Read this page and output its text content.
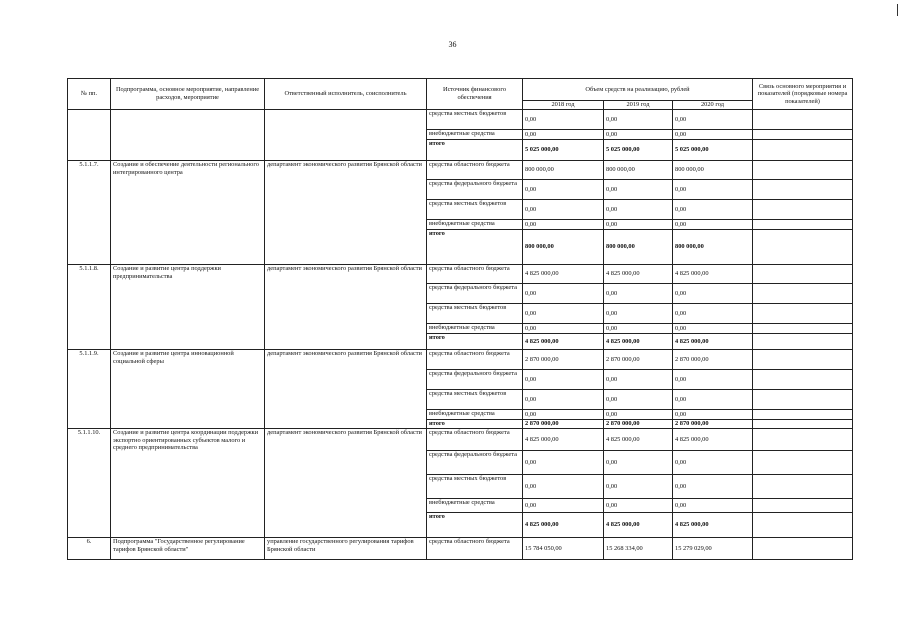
36
№ пп.	Подпрограмма, основное мероприятие, направление расходов, мероприятие	Ответственный исполнитель, соисполнитель	Источник финансового обеспечения	Объем средств на реализацию, рублей			Связь основного мероприятия и показателей (порядковые номера показателей)
				2018 год	2019 год	2020 год	
			средства местных бюджетов	0,00	0,00	0,00	
			внебюджетные средства	0,00	0,00	0,00	
			итого	5 025 000,00	5 025 000,00	5 025 000,00	
5.1.1.7.	Создание и обеспечение деятельности регионального интегрированного центра	департамент экономического развития Брянской области	средства областного бюджета	800 000,00	800 000,00	800 000,00	
			средства федерального бюджета	0,00	0,00	0,00	
			средства местных бюджетов	0,00	0,00	0,00	
			внебюджетные средства	0,00	0,00	0,00	
			итого	800 000,00	800 000,00	800 000,00	
5.1.1.8.	Создание и развитие центра поддержки предпринимательства	департамент экономического развития Брянской области	средства областного бюджета	4 825 000,00	4 825 000,00	4 825 000,00	
			средства федерального бюджета	0,00	0,00	0,00	
			средства местных бюджетов	0,00	0,00	0,00	
			внебюджетные средства	0,00	0,00	0,00	
			итого	4 825 000,00	4 825 000,00	4 825 000,00	
5.1.1.9.	Создание и развитие центра инновационной социальной сферы	департамент экономического развития Брянской области	средства областного бюджета	2 870 000,00	2 870 000,00	2 870 000,00	
			средства федерального бюджета	0,00	0,00	0,00	
			средства местных бюджетов	0,00	0,00	0,00	
			внебюджетные средства	0,00	0,00	0,00	
			итого	2 870 000,00	2 870 000,00	2 870 000,00	
5.1.1.10.	Создание и развитие центра координации поддержки экспортно ориентированных субъектов малого и среднего предпринимательства	департамент экономического развития Брянской области	средства областного бюджета	4 825 000,00	4 825 000,00	4 825 000,00	
			средства федерального бюджета	0,00	0,00	0,00	
			средства местных бюджетов	0,00	0,00	0,00	
			внебюджетные средства	0,00	0,00	0,00	
			итого	4 825 000,00	4 825 000,00	4 825 000,00	
6.	Подпрограмма "Государственное регулирование тарифов Брянской области"	управление государственного регулирования тарифов Брянской области	средства областного бюджета	15 784 050,00	15 268 334,00	15 279 029,00	
